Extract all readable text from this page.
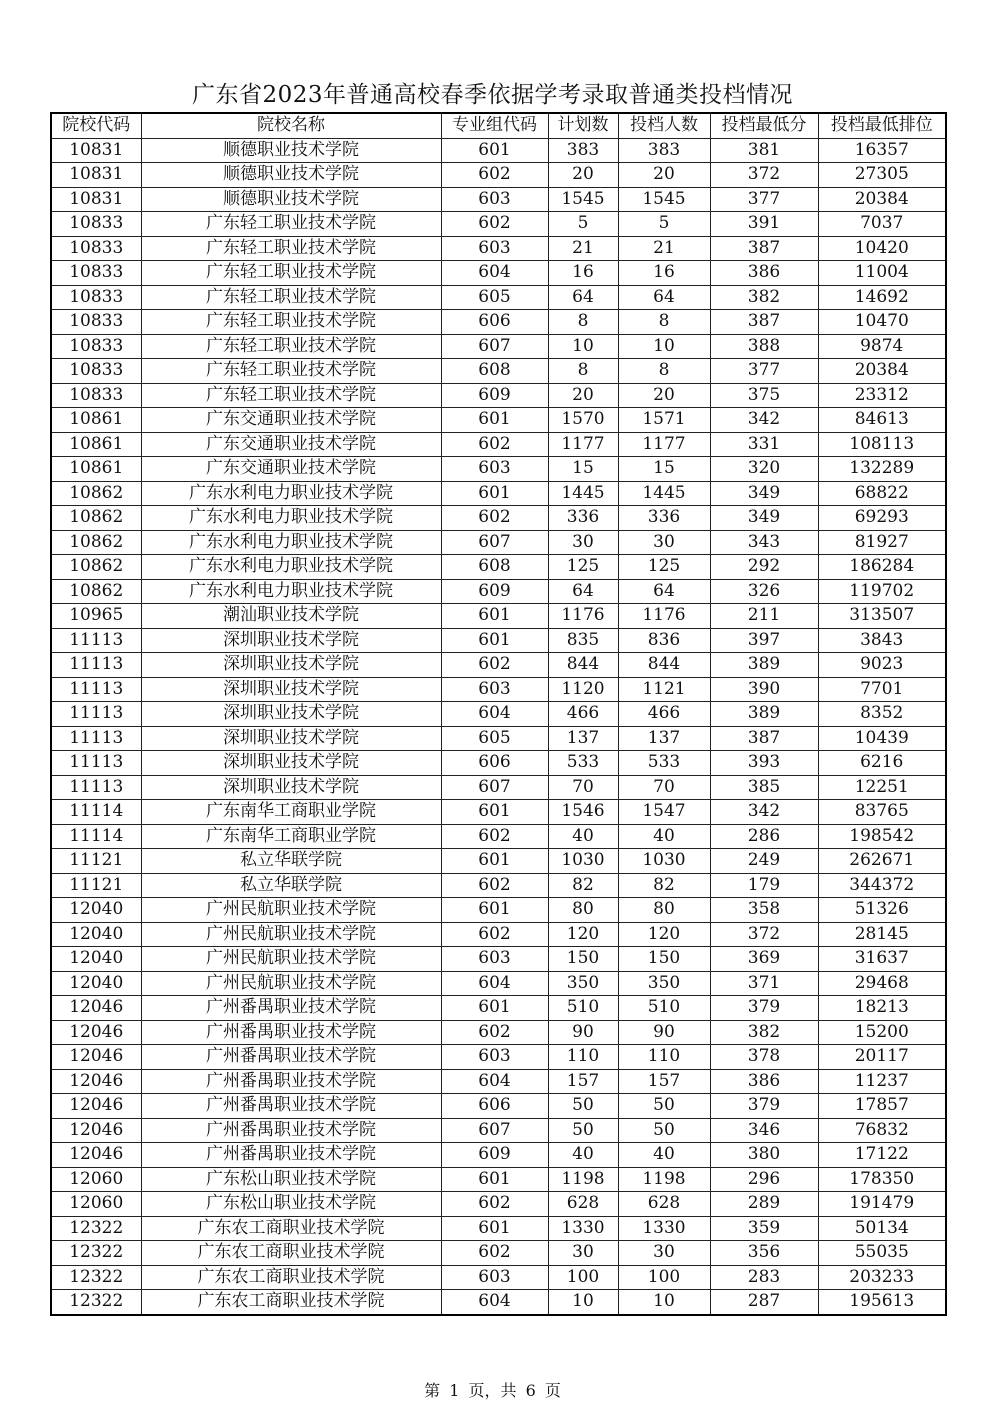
广东省2023年普通高校春季依据学考录取普通类投档情况
院校代码	院校名称	专业组代码	计划数	投档人数	投档最低分	投档最低排位
10831	顺德职业技术学院	601	383	383	381	16357
10831	顺德职业技术学院	602	20	20	372	27305
10831	顺德职业技术学院	603	1545	1545	377	20384
10833	广东轻工职业技术学院	602	5	5	391	7037
10833	广东轻工职业技术学院	603	21	21	387	10420
10833	广东轻工职业技术学院	604	16	16	386	11004
10833	广东轻工职业技术学院	605	64	64	382	14692
10833	广东轻工职业技术学院	606	8	8	387	10470
10833	广东轻工职业技术学院	607	10	10	388	9874
10833	广东轻工职业技术学院	608	8	8	377	20384
10833	广东轻工职业技术学院	609	20	20	375	23312
10861	广东交通职业技术学院	601	1570	1571	342	84613
10861	广东交通职业技术学院	602	1177	1177	331	108113
10861	广东交通职业技术学院	603	15	15	320	132289
10862	广东水利电力职业技术学院	601	1445	1445	349	68822
10862	广东水利电力职业技术学院	602	336	336	349	69293
10862	广东水利电力职业技术学院	607	30	30	343	81927
10862	广东水利电力职业技术学院	608	125	125	292	186284
10862	广东水利电力职业技术学院	609	64	64	326	119702
10965	潮汕职业技术学院	601	1176	1176	211	313507
11113	深圳职业技术学院	601	835	836	397	3843
11113	深圳职业技术学院	602	844	844	389	9023
11113	深圳职业技术学院	603	1120	1121	390	7701
11113	深圳职业技术学院	604	466	466	389	8352
11113	深圳职业技术学院	605	137	137	387	10439
11113	深圳职业技术学院	606	533	533	393	6216
11113	深圳职业技术学院	607	70	70	385	12251
11114	广东南华工商职业学院	601	1546	1547	342	83765
11114	广东南华工商职业学院	602	40	40	286	198542
11121	私立华联学院	601	1030	1030	249	262671
11121	私立华联学院	602	82	82	179	344372
12040	广州民航职业技术学院	601	80	80	358	51326
12040	广州民航职业技术学院	602	120	120	372	28145
12040	广州民航职业技术学院	603	150	150	369	31637
12040	广州民航职业技术学院	604	350	350	371	29468
12046	广州番禺职业技术学院	601	510	510	379	18213
12046	广州番禺职业技术学院	602	90	90	382	15200
12046	广州番禺职业技术学院	603	110	110	378	20117
12046	广州番禺职业技术学院	604	157	157	386	11237
12046	广州番禺职业技术学院	606	50	50	379	17857
12046	广州番禺职业技术学院	607	50	50	346	76832
12046	广州番禺职业技术学院	609	40	40	380	17122
12060	广东松山职业技术学院	601	1198	1198	296	178350
12060	广东松山职业技术学院	602	628	628	289	191479
12322	广东农工商职业技术学院	601	1330	1330	359	50134
12322	广东农工商职业技术学院	602	30	30	356	55035
12322	广东农工商职业技术学院	603	100	100	283	203233
12322	广东农工商职业技术学院	604	10	10	287	195613
第 1 页，共 6 页
